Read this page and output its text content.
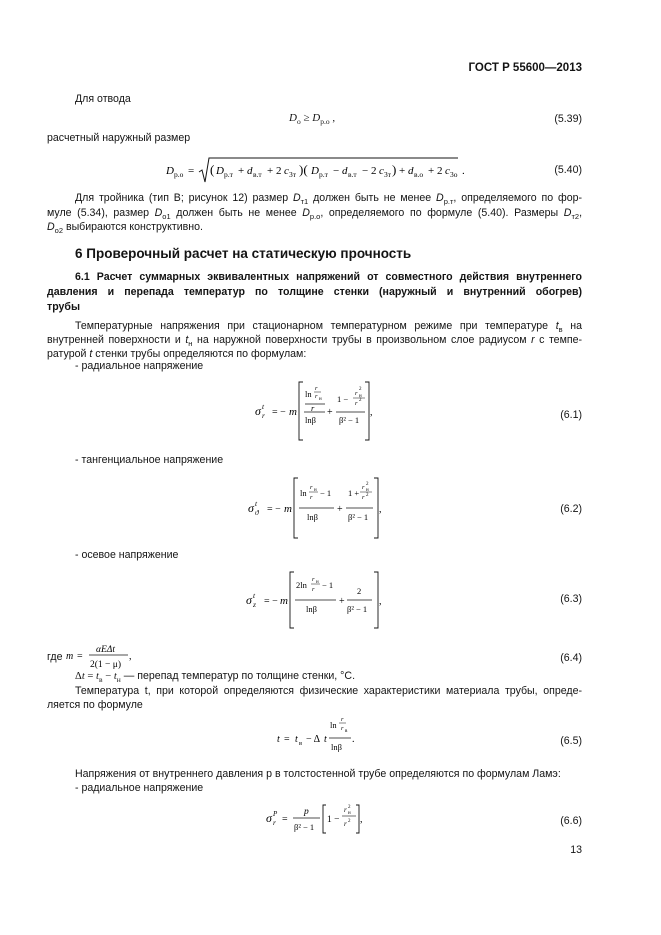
ГОСТ Р 55600—2013
Для отвода
$D_о \ge D_{р.о}$ ,	(5.39)
расчетный наружный размер
D р.о = ( D р.т + d в.т + 2 c 3т )( D р.т − d в.т − 2 c 3т ) + d в.о + 2 c 3о .	(5.40)
Для тройника (тип В; рисунок 12) размер $D_{т1}$ должен быть не менее $D_{р.т}$, определяемого по фор-
муле (5.34), размер $D_{о1}$ должен быть не менее $D_{р.о}$, определяемого по формуле (5.40). Размеры $D_{т2}$,
$D_{о2}$ выбираются конструктивно.
6 Проверочный расчет на статическую прочность
6.1 Расчет суммарных эквивалентных напряжений от совместного действия внутреннего
давления и перепада температур по толщине стенки (наружный и внутренний обогрев)
трубы
Температурные напряжения при стационарном температурном режиме при температуре $t_в$ на
внутренней поверхности и $t_н$ на наружной поверхности трубы в произвольном слое радиусом r с темпе-
ратурой t стенки трубы определяются по формулам:
- радиальное напряжение
σ t
r = − m
ln
r
r н
r
lnβ
+
1 −
r н
2
r 2
β² − 1
,	(6.1)
- тангенциальное напряжение
σ t
ϑ = − m
ln
r н
r − 1
lnβ
+
1 +
r н
2
r 2
β² − 1
,	(6.2)
- осевое напряжение
σ t
z = − m
2ln
r н
r − 1
lnβ
+
2
β² − 1
,	(6.3)
где m =
αEΔt
2(1 − μ)
,	(6.4)
$\Delta t = t_в - t_н$ — перепад температур по толщине стенки, °С.
Температура t, при которой определяются физические характеристики материала трубы, опреде-
ляется по формуле
t = t в − Δ t
ln
r
r в
lnβ
.	(6.5)
Напряжения от внутреннего давления p в толстостенной трубе определяются по формулам Ламэ:
- радиальное напряжение
σ P
r =
p
β² − 1
1 −
r 2
н
r 2 ,	(6.6)
13
